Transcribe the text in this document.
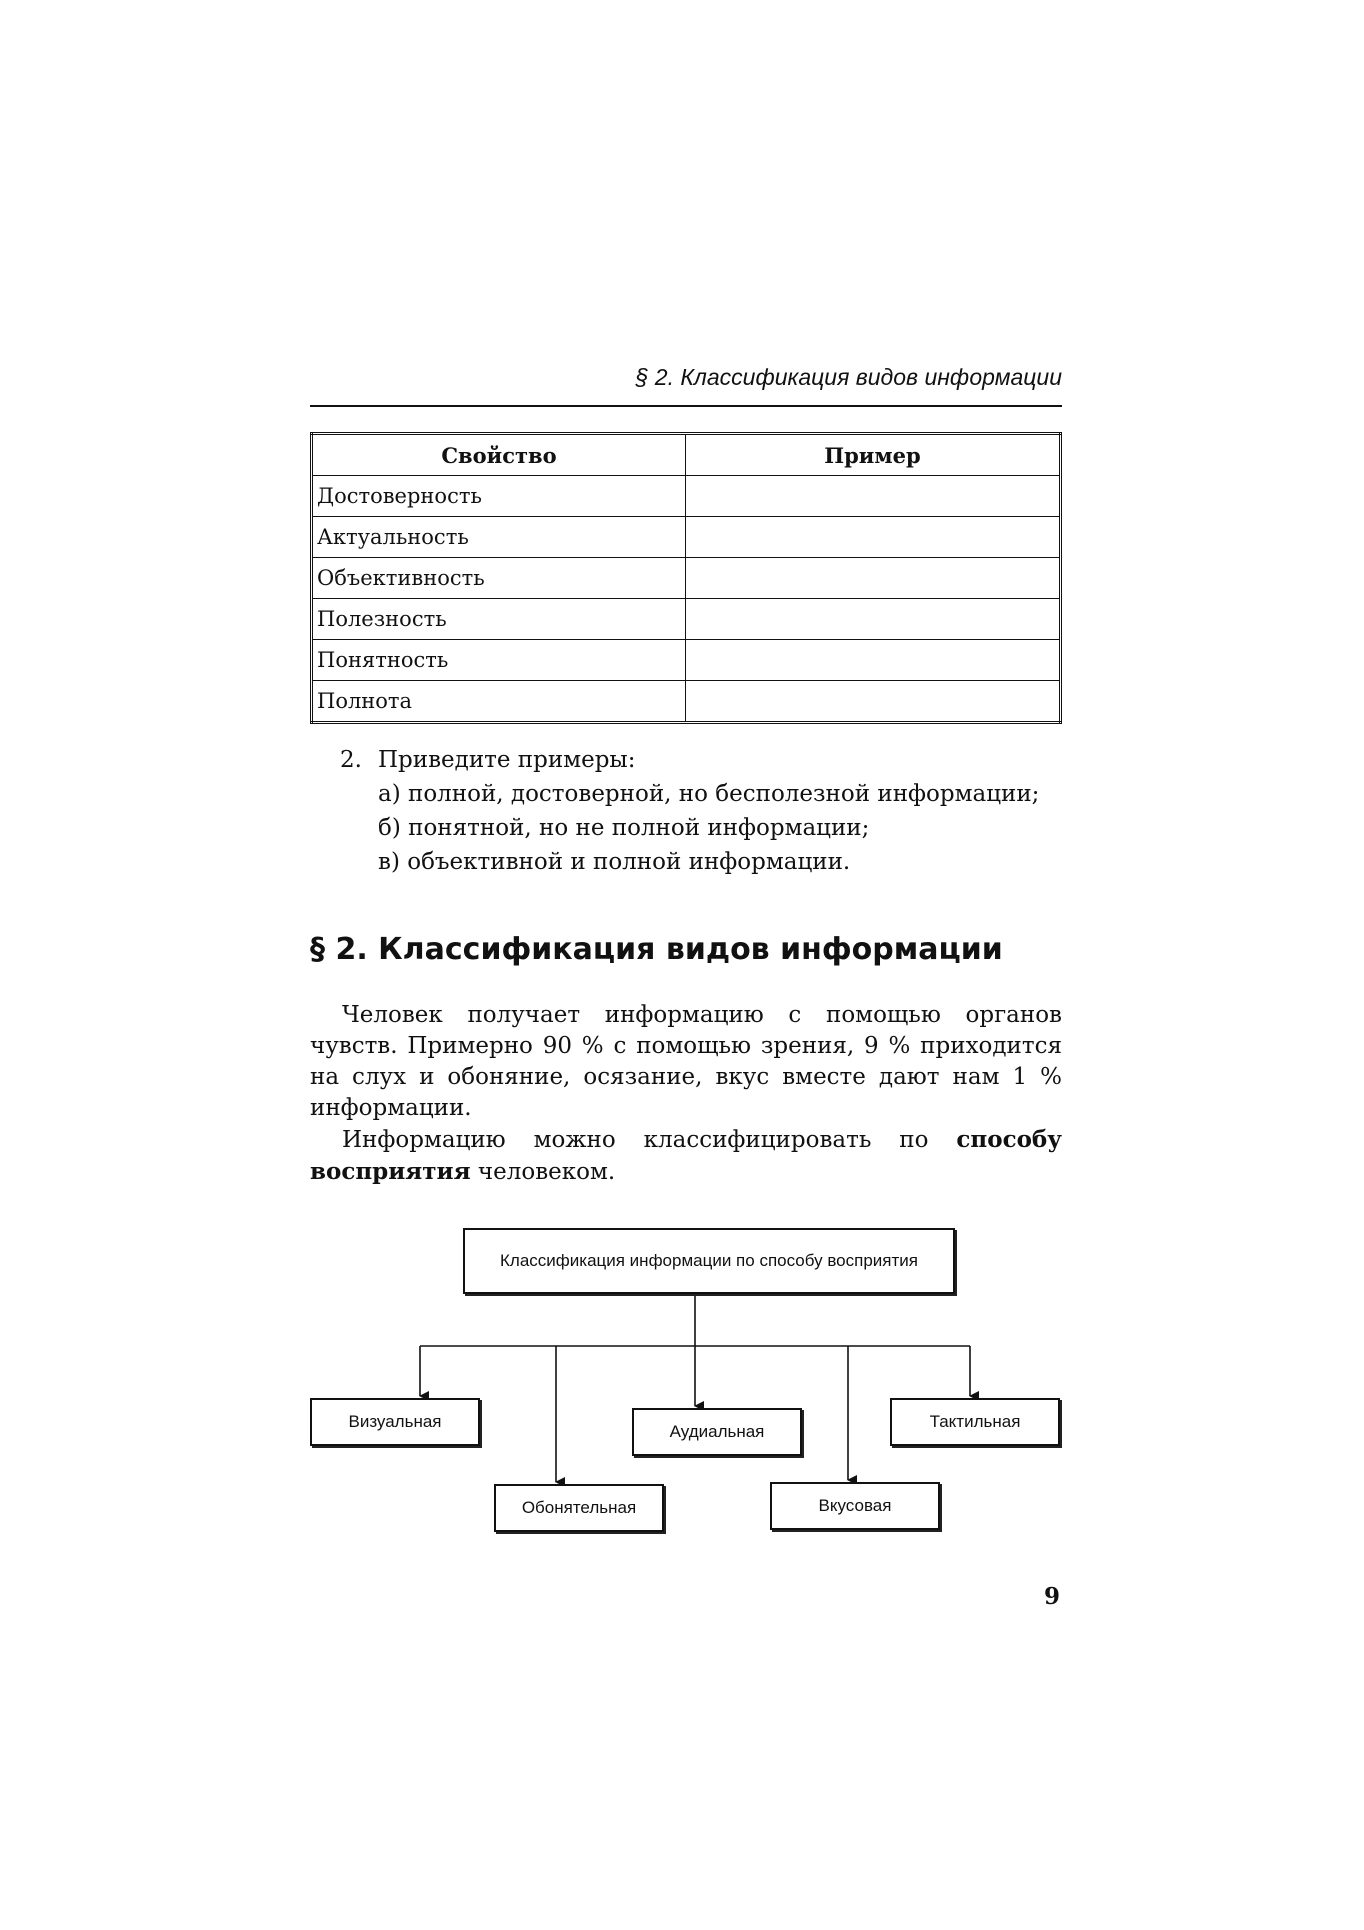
§ 2. Классификация видов информации
Свойство	Пример
Достоверность	
Актуальность	
Объективность	
Полезность	
Понятность	
Полнота	
2. Приведите примеры:
а) полной, достоверной, но бесполезной информации;
б) понятной, но не полной информации;
в) объективной и полной информации.
§ 2. Классификация видов информации

Человек получает информацию с помощью органов чувств. Примерно 90 % с помощью зрения, 9 % приходится на слух и обоняние, осязание, вкус вместе дают нам 1 % информации.

Информацию можно классифицировать по способу восприятия человеком.

Классификация информации по способу восприятия
Визуальная
Обонятельная
Аудиальная
Вкусовая
Тактильная
9
